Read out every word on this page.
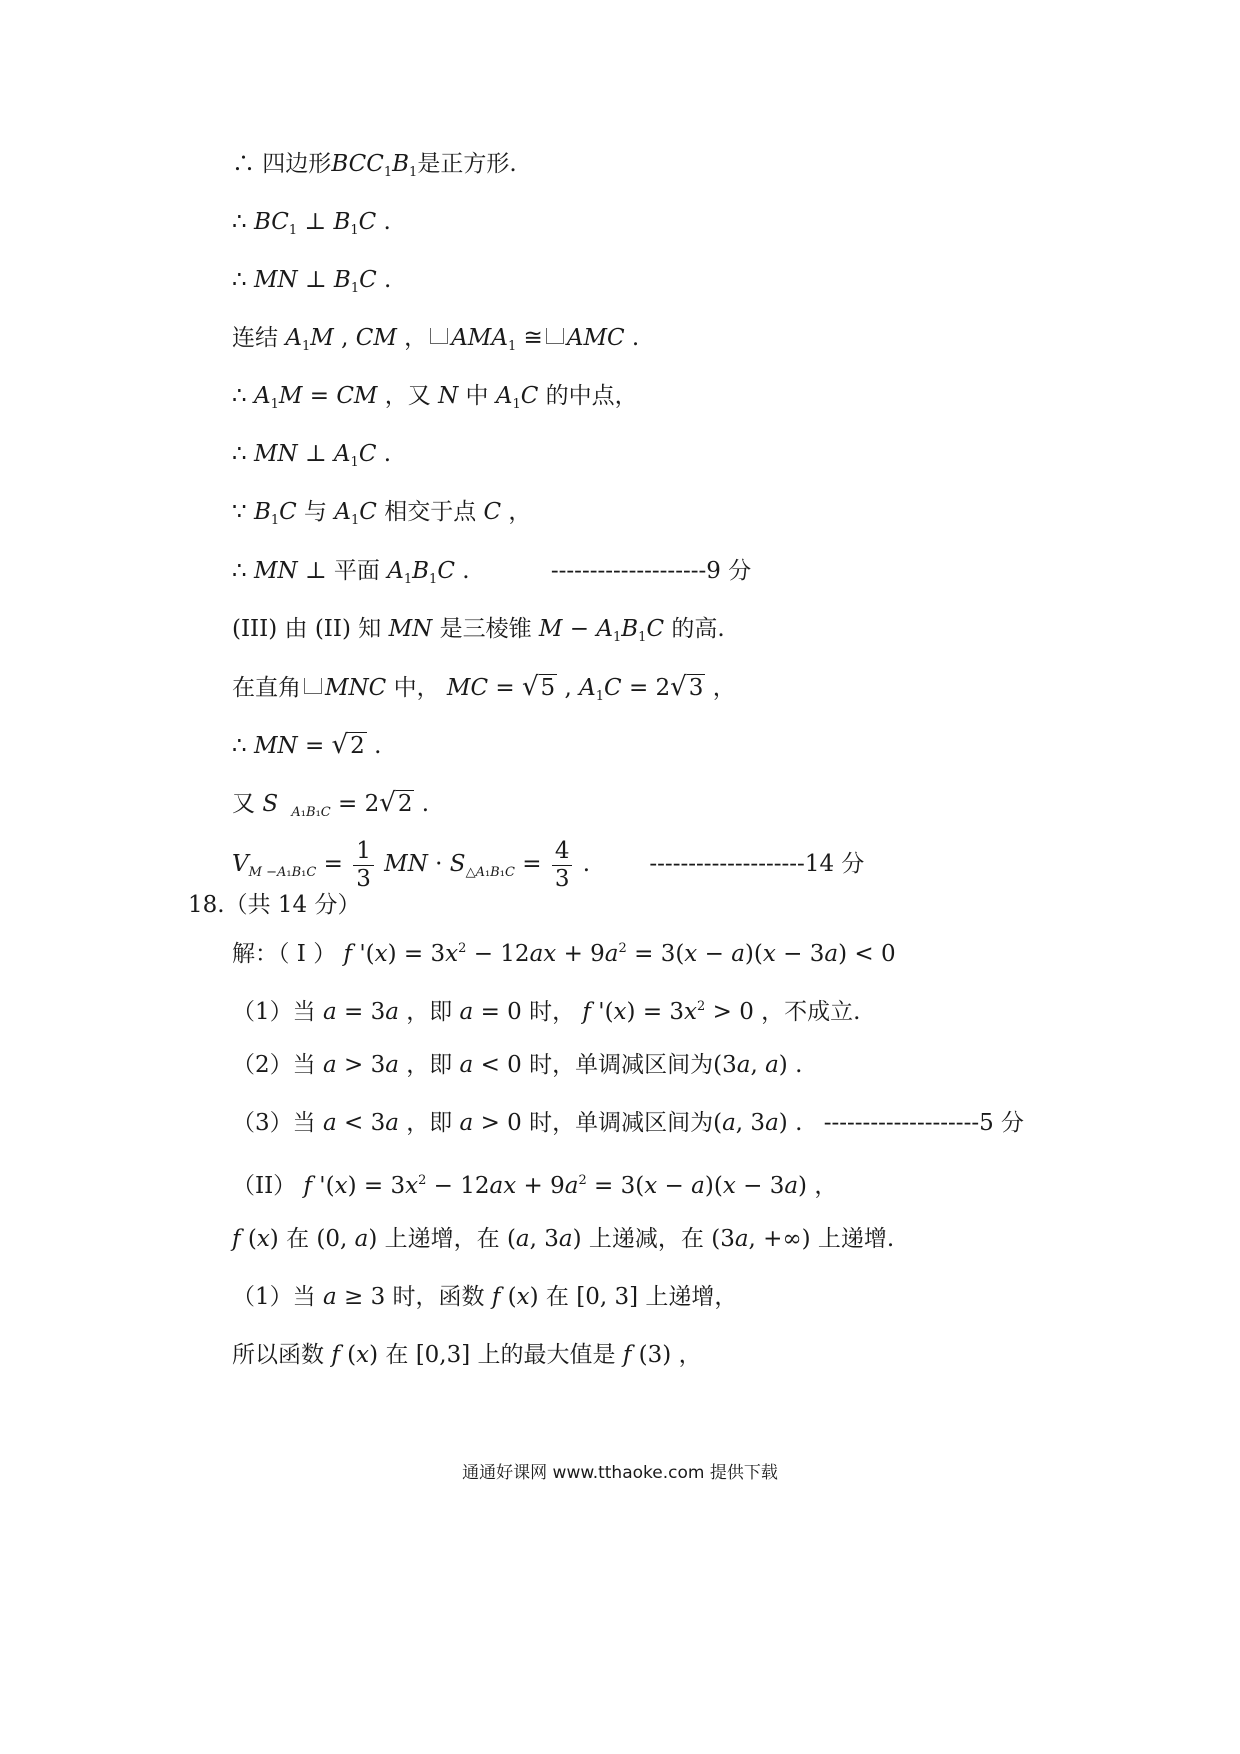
∴ 四边形$BCC_1B_1$是正方形.
∴ $BC_1$ ⊥ $B_1C$ .
∴ MN ⊥ $B_1C$ .
连结 $A_1M$ , CM ， $AMA_1$ ≅ AMC .
∴ $A_1M$ = CM ，又 N 中 $A_1C$ 的中点，
∴ MN ⊥ $A_1C$ .
∵ $B_1C$ 与 $A_1C$ 相交于点 C ，
∴ MN ⊥ 平面 $A_1B_1C$ .	--------------------9 分
(III) 由 (II) 知 MN 是三棱锥 $M - A_1B_1C$ 的高.
在直角 MNC 中， MC = √5 , $A_1C = 2√3$ ，
∴ MN = √2 .
又 S $_{A_1B_1C}$ = 2√2 .
$V_{M -A_1B_1C} = \frac{1}{3}$ MN · $S_{\triangle A_1B_1C} = \frac{4}{3}$ . --------------------14 分
18.（共 14 分）
解：（ I ） f '$(x) = 3x^2 - 12ax + 9a^2 = 3(x - a)(x - 3a) < 0$
（1）当 a = 3a ，即 a = 0 时， f '$(x) = 3x^2 > 0$ ，不成立.
（2）当 a > 3a ，即 a < 0 时，单调减区间为(3a, a) .
（3）当 a < 3a ，即 a > 0 时，单调减区间为(a, 3a) . --------------------5 分
（II） f '$(x) = 3x^2 - 12ax + 9a^2 = 3(x - a)(x - 3a)$ ，
f (x) 在 (0, a) 上递增，在 (a, 3a) 上递减，在 (3a, +∞) 上递增.
（1）当 a ≥ 3 时，函数 f (x) 在 [0, 3] 上递增，
所以函数 f (x) 在 [0,3] 上的最大值是 f (3) ，
通通好课网 www.tthaoke.com 提供下载
